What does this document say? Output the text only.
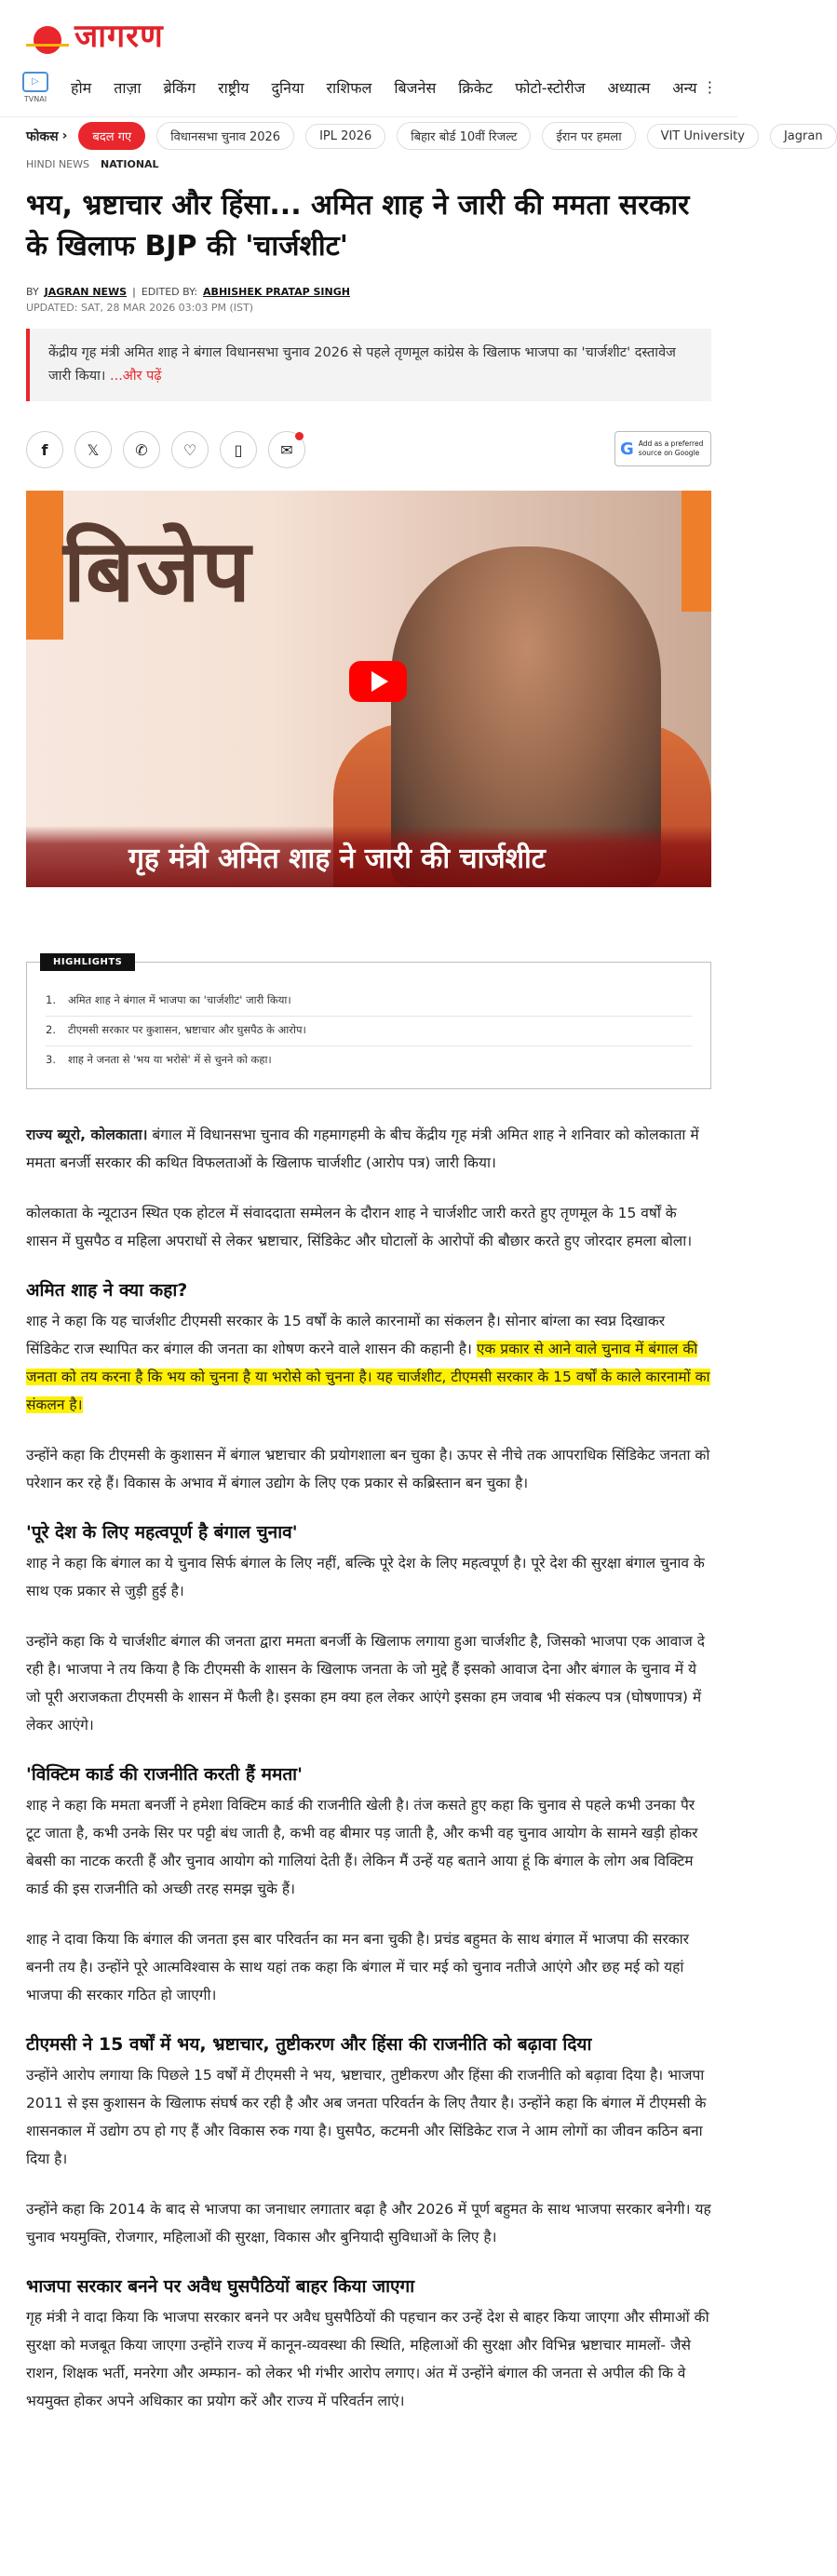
जागरण
▷
TVNAI
होम ताज़ा ब्रेकिंग राष्ट्रीय दुनिया राशिफल बिजनेस क्रिकेट फोटो-स्टोरीज अध्यात्म अन्य ⋮
फोकस ›	बदल गए	विधानसभा चुनाव 2026	IPL 2026	बिहार बोर्ड 10वीं रिजल्ट	ईरान पर हमला	VIT University	Jagran
HINDI NEWS NATIONAL
भय, भ्रष्टाचार और हिंसा... अमित शाह ने जारी की ममता सरकार के खिलाफ BJP की 'चार्जशीट'
BY JAGRAN NEWS | EDITED BY: ABHISHEK PRATAP SINGH
UPDATED: SAT, 28 MAR 2026 03:03 PM (IST)
केंद्रीय गृह मंत्री अमित शाह ने बंगाल विधानसभा चुनाव 2026 से पहले तृणमूल कांग्रेस के खिलाफ भाजपा का 'चार्जशीट' दस्तावेज जारी किया। ...और पढ़ें
f	𝕏	✆	♡	▯	✉	G Add as a preferred
source on Google
बिजेप
गृह मंत्री अमित शाह ने जारी की चार्जशीट
HIGHLIGHTS
1. अमित शाह ने बंगाल में भाजपा का 'चार्जशीट' जारी किया।
2. टीएमसी सरकार पर कुशासन, भ्रष्टाचार और घुसपैठ के आरोप।
3. शाह ने जनता से 'भय या भरोसे' में से चुनने को कहा।

राज्य ब्यूरो, कोलकाता। बंगाल में विधानसभा चुनाव की गहमागहमी के बीच केंद्रीय गृह मंत्री अमित शाह ने शनिवार को कोलकाता में ममता बनर्जी सरकार की कथित विफलताओं के खिलाफ चार्जशीट (आरोप पत्र) जारी किया।

कोलकाता के न्यूटाउन स्थित एक होटल में संवाददाता सम्मेलन के दौरान शाह ने चार्जशीट जारी करते हुए तृणमूल के 15 वर्षों के शासन में घुसपैठ व महिला अपराधों से लेकर भ्रष्टाचार, सिंडिकेट और घोटालों के आरोपों की बौछार करते हुए जोरदार हमला बोला।

अमित शाह ने क्या कहा?

शाह ने कहा कि यह चार्जशीट टीएमसी सरकार के 15 वर्षों के काले कारनामों का संकलन है। सोनार बांग्ला का स्वप्न दिखाकर सिंडिकेट राज स्थापित कर बंगाल की जनता का शोषण करने वाले शासन की कहानी है। एक प्रकार से आने वाले चुनाव में बंगाल की जनता को तय करना है कि भय को चुनना है या भरोसे को चुनना है। यह चार्जशीट, टीएमसी सरकार के 15 वर्षों के काले कारनामों का संकलन है।

उन्होंने कहा कि टीएमसी के कुशासन में बंगाल भ्रष्टाचार की प्रयोगशाला बन चुका है। ऊपर से नीचे तक आपराधिक सिंडिकेट जनता को परेशान कर रहे हैं। विकास के अभाव में बंगाल उद्योग के लिए एक प्रकार से कब्रिस्तान बन चुका है।

'पूरे देश के लिए महत्वपूर्ण है बंगाल चुनाव'

शाह ने कहा कि बंगाल का ये चुनाव सिर्फ बंगाल के लिए नहीं, बल्कि पूरे देश के लिए महत्वपूर्ण है। पूरे देश की सुरक्षा बंगाल चुनाव के साथ एक प्रकार से जुड़ी हुई है।

उन्होंने कहा कि ये चार्जशीट बंगाल की जनता द्वारा ममता बनर्जी के खिलाफ लगाया हुआ चार्जशीट है, जिसको भाजपा एक आवाज दे रही है। भाजपा ने तय किया है कि टीएमसी के शासन के खिलाफ जनता के जो मुद्दे हैं इसको आवाज देना और बंगाल के चुनाव में ये जो पूरी अराजकता टीएमसी के शासन में फैली है। इसका हम क्या हल लेकर आएंगे इसका हम जवाब भी संकल्प पत्र (घोषणापत्र) में लेकर आएंगे।

'विक्टिम कार्ड की राजनीति करती हैं ममता'

शाह ने कहा कि ममता बनर्जी ने हमेशा विक्टिम कार्ड की राजनीति खेली है। तंज कसते हुए कहा कि चुनाव से पहले कभी उनका पैर टूट जाता है, कभी उनके सिर पर पट्टी बंध जाती है, कभी वह बीमार पड़ जाती है, और कभी वह चुनाव आयोग के सामने खड़ी होकर बेबसी का नाटक करती हैं और चुनाव आयोग को गालियां देती हैं। लेकिन मैं उन्हें यह बताने आया हूं कि बंगाल के लोग अब विक्टिम कार्ड की इस राजनीति को अच्छी तरह समझ चुके हैं।

शाह ने दावा किया कि बंगाल की जनता इस बार परिवर्तन का मन बना चुकी है। प्रचंड बहुमत के साथ बंगाल में भाजपा की सरकार बननी तय है। उन्होंने पूरे आत्मविश्वास के साथ यहां तक कहा कि बंगाल में चार मई को चुनाव नतीजे आएंगे और छह मई को यहां भाजपा की सरकार गठित हो जाएगी।

टीएमसी ने 15 वर्षों में भय, भ्रष्टाचार, तुष्टीकरण और हिंसा की राजनीति को बढ़ावा दिया

उन्होंने आरोप लगाया कि पिछले 15 वर्षों में टीएमसी ने भय, भ्रष्टाचार, तुष्टीकरण और हिंसा की राजनीति को बढ़ावा दिया है। भाजपा 2011 से इस कुशासन के खिलाफ संघर्ष कर रही है और अब जनता परिवर्तन के लिए तैयार है। उन्होंने कहा कि बंगाल में टीएमसी के शासनकाल में उद्योग ठप हो गए हैं और विकास रुक गया है। घुसपैठ, कटमनी और सिंडिकेट राज ने आम लोगों का जीवन कठिन बना दिया है।

उन्होंने कहा कि 2014 के बाद से भाजपा का जनाधार लगातार बढ़ा है और 2026 में पूर्ण बहुमत के साथ भाजपा सरकार बनेगी। यह चुनाव भयमुक्ति, रोजगार, महिलाओं की सुरक्षा, विकास और बुनियादी सुविधाओं के लिए है।

भाजपा सरकार बनने पर अवैध घुसपैठियों बाहर किया जाएगा

गृह मंत्री ने वादा किया कि भाजपा सरकार बनने पर अवैध घुसपैठियों की पहचान कर उन्हें देश से बाहर किया जाएगा और सीमाओं की सुरक्षा को मजबूत किया जाएगा उन्होंने राज्य में कानून-व्यवस्था की स्थिति, महिलाओं की सुरक्षा और विभिन्न भ्रष्टाचार मामलों- जैसे राशन, शिक्षक भर्ती, मनरेगा और अम्फान- को लेकर भी गंभीर आरोप लगाए। अंत में उन्होंने बंगाल की जनता से अपील की कि वे भयमुक्त होकर अपने अधिकार का प्रयोग करें और राज्य में परिवर्तन लाएं।
